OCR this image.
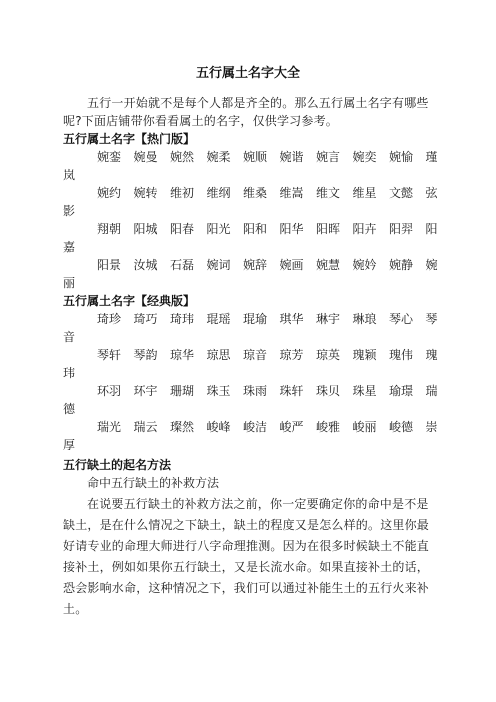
五行属土名字大全

五行一开始就不是每个人都是齐全的。那么五行属土名字有哪些呢?下面店铺带你看看属土的名字，仅供学习参考。

五行属土名字【热门版】
婉銮 婉曼 婉然 婉柔 婉顺 婉谐 婉言 婉奕 婉愉 瑾
岚
婉约 婉转 维初 维纲 维桑 维嵩 维文 维星 文懿 弦
影
翔朝 阳城 阳春 阳光 阳和 阳华 阳晖 阳卉 阳羿 阳
嘉
阳景 汝城 石磊 婉词 婉辞 婉画 婉慧 婉妗 婉静 婉
丽
五行属土名字【经典版】
琦珍 琦巧 琦玮 琨瑶 琨瑜 琪华 琳宇 琳琅 琴心 琴
音
琴轩 琴韵 琼华 琼思 琼音 琼芳 琼英 瑰颖 瑰伟 瑰
玮
环羽 环宇 珊瑚 珠玉 珠雨 珠轩 珠贝 珠星 瑜璟 瑞
德
瑞光 瑞云 璨然 峻峰 峻洁 峻严 峻雅 峻丽 峻德 崇
厚
五行缺土的起名方法
命中五行缺土的补救方法

在说要五行缺土的补救方法之前，你一定要确定你的命中是不是缺土，是在什么情况之下缺土，缺土的程度又是怎么样的。这里你最好请专业的命理大师进行八字命理推测。因为在很多时候缺土不能直接补土，例如如果你五行缺土，又是长流水命。如果直接补土的话，恐会影响水命，这种情况之下，我们可以通过补能生土的五行火来补土。
